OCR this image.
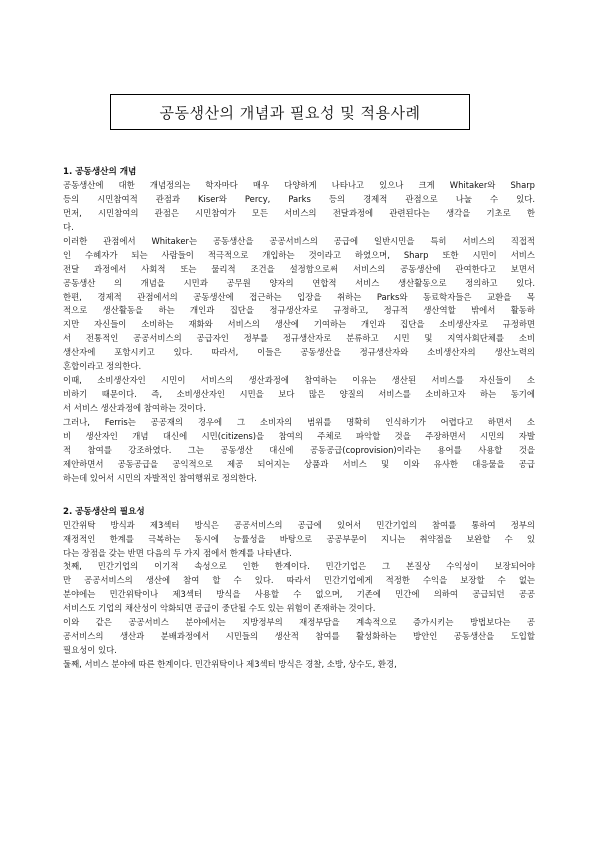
공동생산의 개념과 필요성 및 적용사례
1. 공동생산의 개념
공동생산에 대한 개념정의는 학자마다 매우 다양하게 나타나고 있으나 크게 Whitaker와 Sharp
등의 시민참여적 관점과 Kiser와 Percy, Parks 등의 경제적 관점으로 나눌 수 있다.
먼저, 시민참여의 관점은 시민참여가 모든 서비스의 전달과정에 관련된다는 생각을 기초로 한
다.
이러한 관점에서 Whitaker는 공동생산을 공공서비스의 공급에 일반시민을 특히 서비스의 직접적
인 수혜자가 되는 사람들이 적극적으로 개입하는 것이라고 하였으며, Sharp 또한 시민이 서비스
전달 과정에서 사회적 또는 물리적 조건을 설정함으로써 서비스의 공동생산에 관여한다고 보면서
공동생산 의 개념을 시민과 공무원 양자의 연합적 서비스 생산활동으로 정의하고 있다.
한편, 경제적 관점에서의 공동생산에 접근하는 입장을 취하는 Parks와 동료학자들은 교환을 목
적으로 생산활동을 하는 개인과 집단을 정규생산자로 규정하고, 정규적 생산역할 밖에서 활동하
지만 자신들이 소비하는 재화와 서비스의 생산에 기여하는 개인과 집단을 소비생산자로 규정하면
서 전통적인 공공서비스의 공급자인 정부를 정규생산자로 분류하고 시민 및 지역사회단체를 소비
생산자에 포함시키고 있다. 따라서, 이들은 공동생산을 정규생산자와 소비생산자의 생산노력의
혼합이라고 정의한다.
이때, 소비생산자인 시민이 서비스의 생산과정에 참여하는 이유는 생산된 서비스를 자신들이 소
비하기 때문이다. 즉, 소비생산자인 시민을 보다 많은 양질의 서비스를 소비하고자 하는 동기에
서 서비스 생산과정에 참여하는 것이다.
그러나, Ferris는 공공재의 경우에 그 소비자의 범위를 명확히 인식하기가 어렵다고 하면서 소
비 생산자인 개념 대신에 시민(citizens)을 참여의 주체로 파악할 것을 주장하면서 시민의 자발
적 참여를 강조하였다. 그는 공동생산 대신에 공동공급(coprovision)이라는 용어를 사용할 것을
제안하면서 공동공급을 공익적으로 제공 되어지는 상품과 서비스 및 이와 유사한 대응물을 공급
하는데 있어서 시민의 자발적인 참여행위로 정의한다.
2. 공동생산의 필요성
민간위탁 방식과 제3섹터 방식은 공공서비스의 공급에 있어서 민간기업의 참여를 통하여 정부의
재정적인 한계를 극복하는 동시에 능률성을 바탕으로 공공부문이 지니는 취약점을 보완할 수 있
다는 장점을 갖는 반면 다음의 두 가지 점에서 한계를 나타낸다.
첫째, 민간기업의 이기적 속성으로 인한 한계이다. 민간기업은 그 본질상 수익성이 보장되어야
만 공공서비스의 생산에 참여 할 수 있다. 따라서 민간기업에게 적정한 수익을 보장할 수 없는
분야에는 민간위탁이나 제3섹터 방식을 사용할 수 없으며, 기존에 민간에 의하여 공급되던 공공
서비스도 기업의 채산성이 악화되면 공급이 중단될 수도 있는 위험이 존재하는 것이다.
이와 같은 공공서비스 분야에서는 지방정부의 재정부담을 계속적으로 증가시키는 방법보다는 공
공서비스의 생산과 분배과정에서 시민들의 생산적 참여를 활성화하는 방안인 공동생산을 도입할
필요성이 있다.
둘째, 서비스 분야에 따른 한계이다. 민간위탁이나 제3섹터 방식은 경찰, 소방, 상수도, 환경,
